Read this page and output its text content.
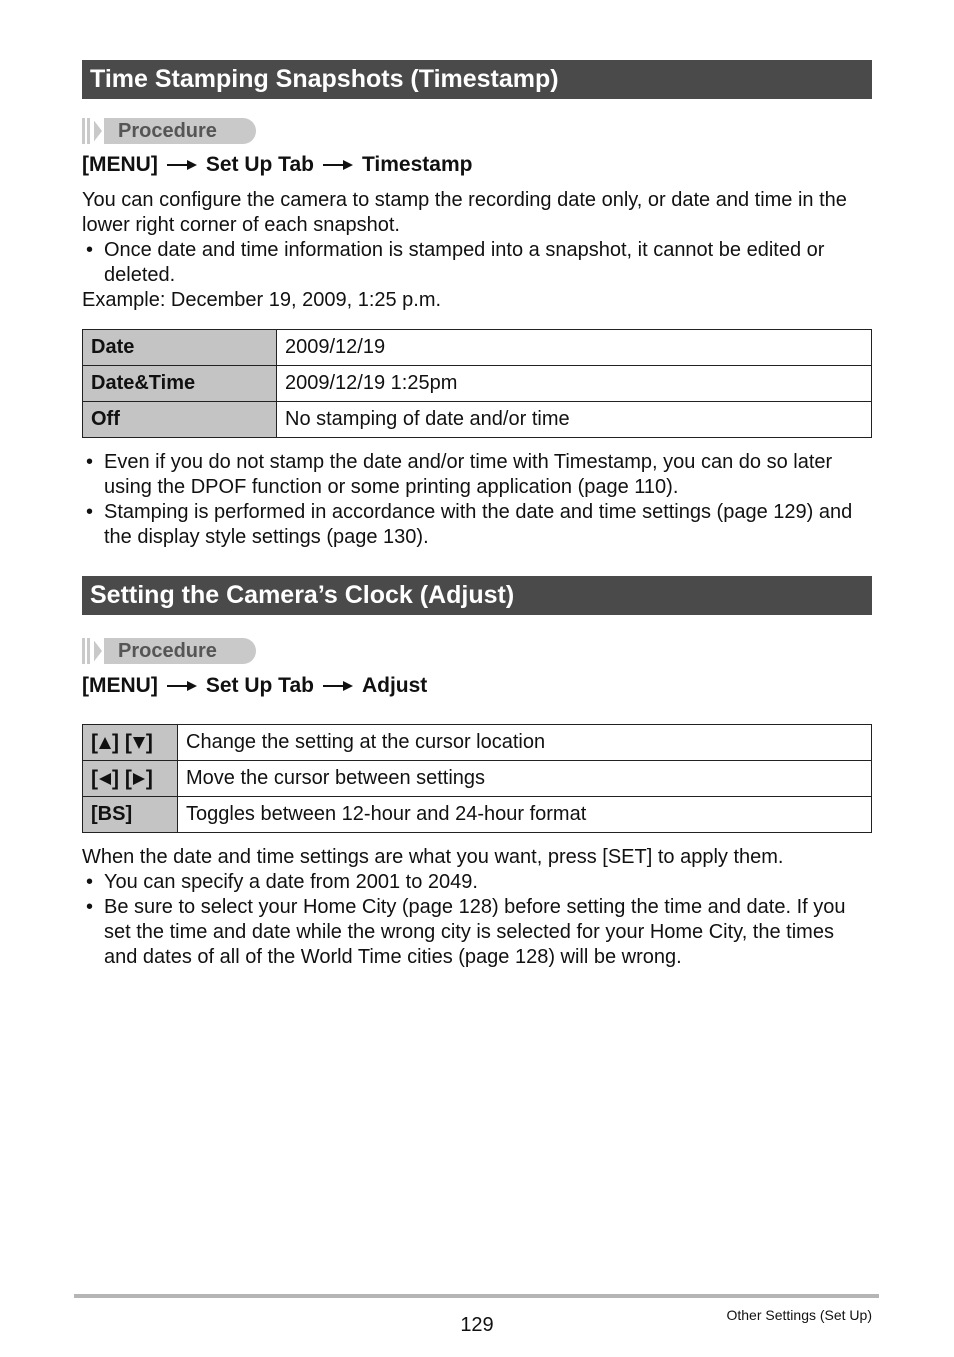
Time Stamping Snapshots (Timestamp)
Procedure
[MENU] Set Up Tab Timestamp
You can configure the camera to stamp the recording date only, or date and time in the lower right corner of each snapshot.
• Once date and time information is stamped into a snapshot, it cannot be edited or deleted.
Example: December 19, 2009, 1:25 p.m.
Date	2009/12/19
Date&Time	2009/12/19 1:25pm
Off	No stamping of date and/or time
• Even if you do not stamp the date and/or time with Timestamp, you can do so later using the DPOF function or some printing application (page 110).
• Stamping is performed in accordance with the date and time settings (page 129) and the display style settings (page 130).
Setting the Camera’s Clock (Adjust)
Procedure
[MENU] Set Up Tab Adjust
[ ] [ ]	Change the setting at the cursor location
[ ] [ ]	Move the cursor between settings
[BS]	Toggles between 12-hour and 24-hour format
When the date and time settings are what you want, press [SET] to apply them.
• You can specify a date from 2001 to 2049.
• Be sure to select your Home City (page 128) before setting the time and date. If you set the time and date while the wrong city is selected for your Home City, the times and dates of all of the World Time cities (page 128) will be wrong.
129	Other Settings (Set Up)
